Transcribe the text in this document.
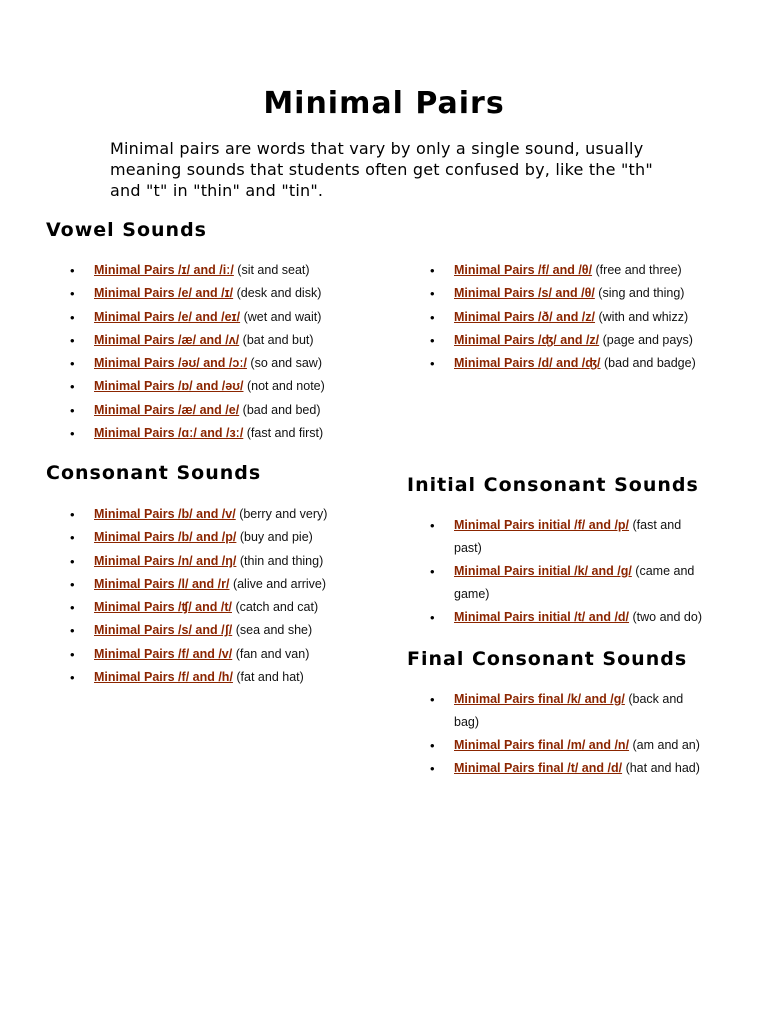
Minimal Pairs

Minimal pairs are words that vary by only a single sound, usually meaning sounds that students often get confused by, like the "th" and "t" in "thin" and "tin".

Vowel Sounds
• Minimal Pairs /ɪ/ and /iː/ (sit and seat)
• Minimal Pairs /e/ and /ɪ/ (desk and disk)
• Minimal Pairs /e/ and /eɪ/ (wet and wait)
• Minimal Pairs /æ/ and /ʌ/ (bat and but)
• Minimal Pairs /əʊ/ and /ɔː/ (so and saw)
• Minimal Pairs /ɒ/ and /əʊ/ (not and note)
• Minimal Pairs /æ/ and /e/ (bad and bed)
• Minimal Pairs /ɑː/ and /ɜː/ (fast and first)
• Minimal Pairs /f/ and /θ/ (free and three)
• Minimal Pairs /s/ and /θ/ (sing and thing)
• Minimal Pairs /ð/ and /z/ (with and whizz)
• Minimal Pairs /ʤ/ and /z/ (page and pays)
• Minimal Pairs /d/ and /ʤ/ (bad and badge)
Consonant Sounds
• Minimal Pairs /b/ and /v/ (berry and very)
• Minimal Pairs /b/ and /p/ (buy and pie)
• Minimal Pairs /n/ and /ŋ/ (thin and thing)
• Minimal Pairs /l/ and /r/ (alive and arrive)
• Minimal Pairs /ʧ/ and /t/ (catch and cat)
• Minimal Pairs /s/ and /ʃ/ (sea and she)
• Minimal Pairs /f/ and /v/ (fan and van)
• Minimal Pairs /f/ and /h/ (fat and hat)
Initial Consonant Sounds
• Minimal Pairs initial /f/ and /p/ (fast and past)
• Minimal Pairs initial /k/ and /g/ (came and game)
• Minimal Pairs initial /t/ and /d/ (two and do)
Final Consonant Sounds
• Minimal Pairs final /k/ and /g/ (back and bag)
• Minimal Pairs final /m/ and /n/ (am and an)
• Minimal Pairs final /t/ and /d/ (hat and had)
